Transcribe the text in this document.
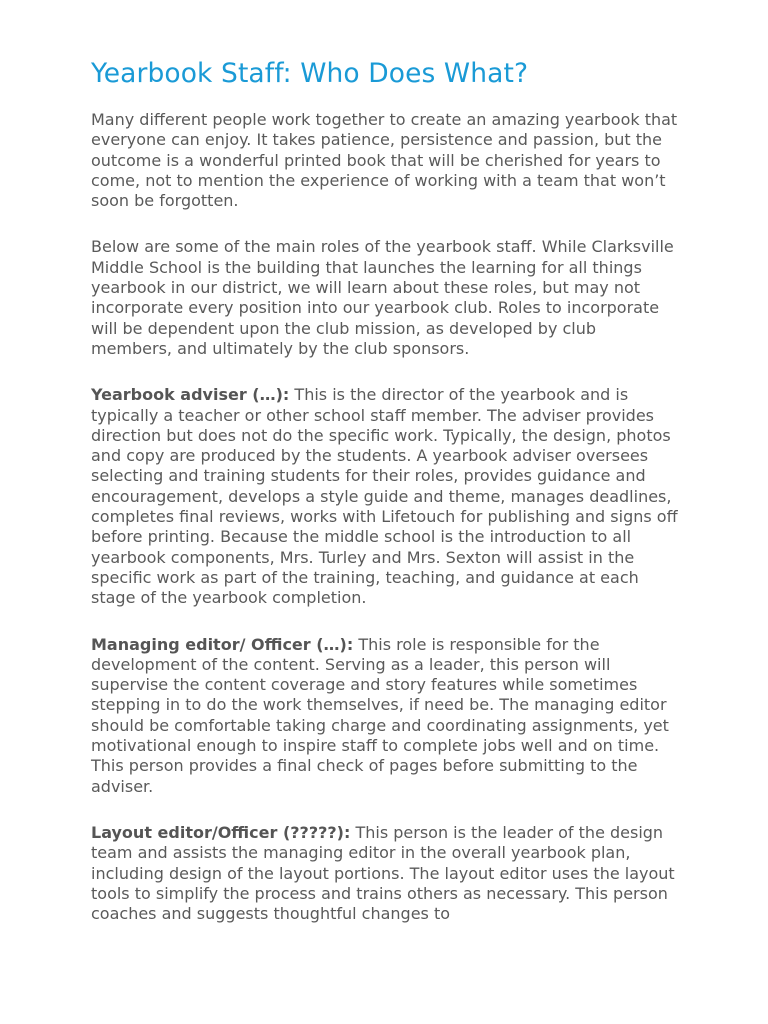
Yearbook Staff: Who Does What?

Many different people work together to create an amazing yearbook that everyone can enjoy. It takes patience, persistence and passion, but the outcome is a wonderful printed book that will be cherished for years to come, not to mention the experience of working with a team that won’t soon be forgotten.

Below are some of the main roles of the yearbook staff. While Clarksville Middle School is the building that launches the learning for all things yearbook in our district, we will learn about these roles, but may not incorporate every position into our yearbook club. Roles to incorporate will be dependent upon the club mission, as developed by club members, and ultimately by the club sponsors.

Yearbook adviser (…): This is the director of the yearbook and is typically a teacher or other school staff member. The adviser provides direction but does not do the specific work. Typically, the design, photos and copy are produced by the students. A yearbook adviser oversees selecting and training students for their roles, provides guidance and encouragement, develops a style guide and theme, manages deadlines, completes final reviews, works with Lifetouch for publishing and signs off before printing. Because the middle school is the introduction to all yearbook components, Mrs. Turley and Mrs. Sexton will assist in the specific work as part of the training, teaching, and guidance at each stage of the yearbook completion.

Managing editor/ Officer (…): This role is responsible for the development of the content. Serving as a leader, this person will supervise the content coverage and story features while sometimes stepping in to do the work themselves, if need be. The managing editor should be comfortable taking charge and coordinating assignments, yet motivational enough to inspire staff to complete jobs well and on time. This person provides a final check of pages before submitting to the adviser.

Layout editor/Officer (?????): This person is the leader of the design team and assists the managing editor in the overall yearbook plan, including design of the layout portions. The layout editor uses the layout tools to simplify the process and trains others as necessary. This person coaches and suggests thoughtful changes to
